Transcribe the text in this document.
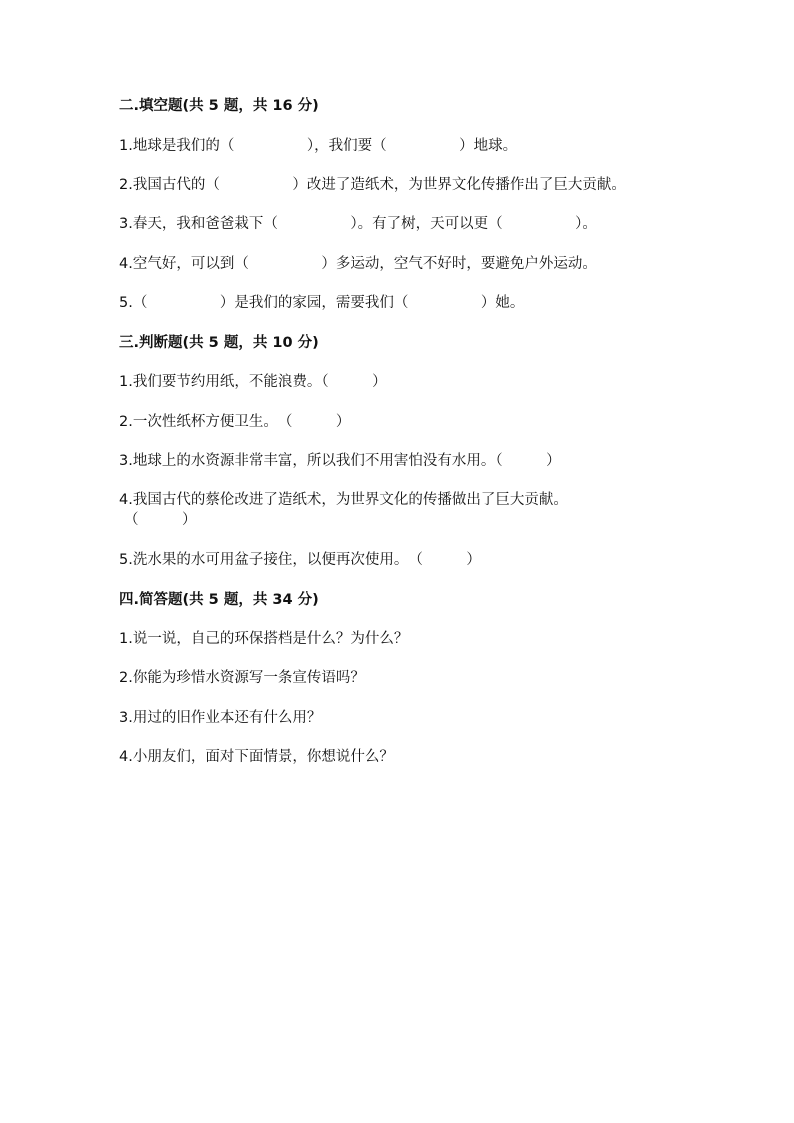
二.填空题(共 5 题，共 16 分)
1.地球是我们的（　　　　　），我们要（　　　　　）地球。
2.我国古代的（　　　　　）改进了造纸术，为世界文化传播作出了巨大贡献。
3.春天，我和爸爸栽下（　　　　　）。有了树，天可以更（　　　　　）。
4.空气好，可以到（　　　　　）多运动，空气不好时，要避免户外运动。
5.（　　　　　）是我们的家园，需要我们（　　　　　）她。
三.判断题(共 5 题，共 10 分)
1.我们要节约用纸，不能浪费。（　　　）
2.一次性纸杯方便卫生。　（　　　）
3.地球上的水资源非常丰富，所以我们不用害怕没有水用。（　　　）
4.我国古代的蔡伦改进了造纸术，为世界文化的传播做出了巨大贡献。
（　　　）
5.洗水果的水可用盆子接住，以便再次使用。　（　　　）
四.简答题(共 5 题，共 34 分)
1.说一说，自己的环保搭档是什么？为什么？
2.你能为珍惜水资源写一条宣传语吗？
3.用过的旧作业本还有什么用？
4.小朋友们，面对下面情景，你想说什么？
